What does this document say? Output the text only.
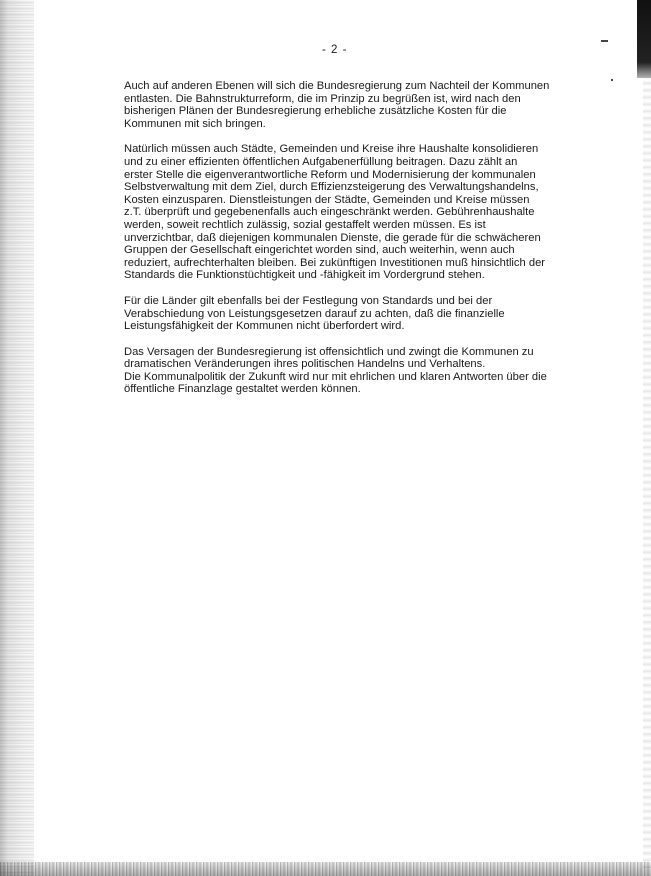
- 2 -

Auch auf anderen Ebenen will sich die Bundesregierung zum Nachteil der Kommunen
entlasten. Die Bahnstrukturreform, die im Prinzip zu begrüßen ist, wird nach den
bisherigen Plänen der Bundesregierung erhebliche zusätzliche Kosten für die
Kommunen mit sich bringen.

Natürlich müssen auch Städte, Gemeinden und Kreise ihre Haushalte konsolidieren
und zu einer effizienten öffentlichen Aufgabenerfüllung beitragen. Dazu zählt an
erster Stelle die eigenverantwortliche Reform und Modernisierung der kommunalen
Selbstverwaltung mit dem Ziel, durch Effizienzsteigerung des Verwaltungshandelns,
Kosten einzusparen. Dienstleistungen der Städte, Gemeinden und Kreise müssen
z.T. überprüft und gegebenenfalls auch eingeschränkt werden. Gebührenhaushalte
werden, soweit rechtlich zulässig, sozial gestaffelt werden müssen. Es ist
unverzichtbar, daß diejenigen kommunalen Dienste, die gerade für die schwächeren
Gruppen der Gesellschaft eingerichtet worden sind, auch weiterhin, wenn auch
reduziert, aufrechterhalten bleiben. Bei zukünftigen Investitionen muß hinsichtlich der
Standards die Funktionstüchtigkeit und -fähigkeit im Vordergrund stehen.

Für die Länder gilt ebenfalls bei der Festlegung von Standards und bei der
Verabschiedung von Leistungsgesetzen darauf zu achten, daß die finanzielle
Leistungsfähigkeit der Kommunen nicht überfordert wird.

Das Versagen der Bundesregierung ist offensichtlich und zwingt die Kommunen zu
dramatischen Veränderungen ihres politischen Handelns und Verhaltens.
Die Kommunalpolitik der Zukunft wird nur mit ehrlichen und klaren Antworten über die
öffentliche Finanzlage gestaltet werden können.
